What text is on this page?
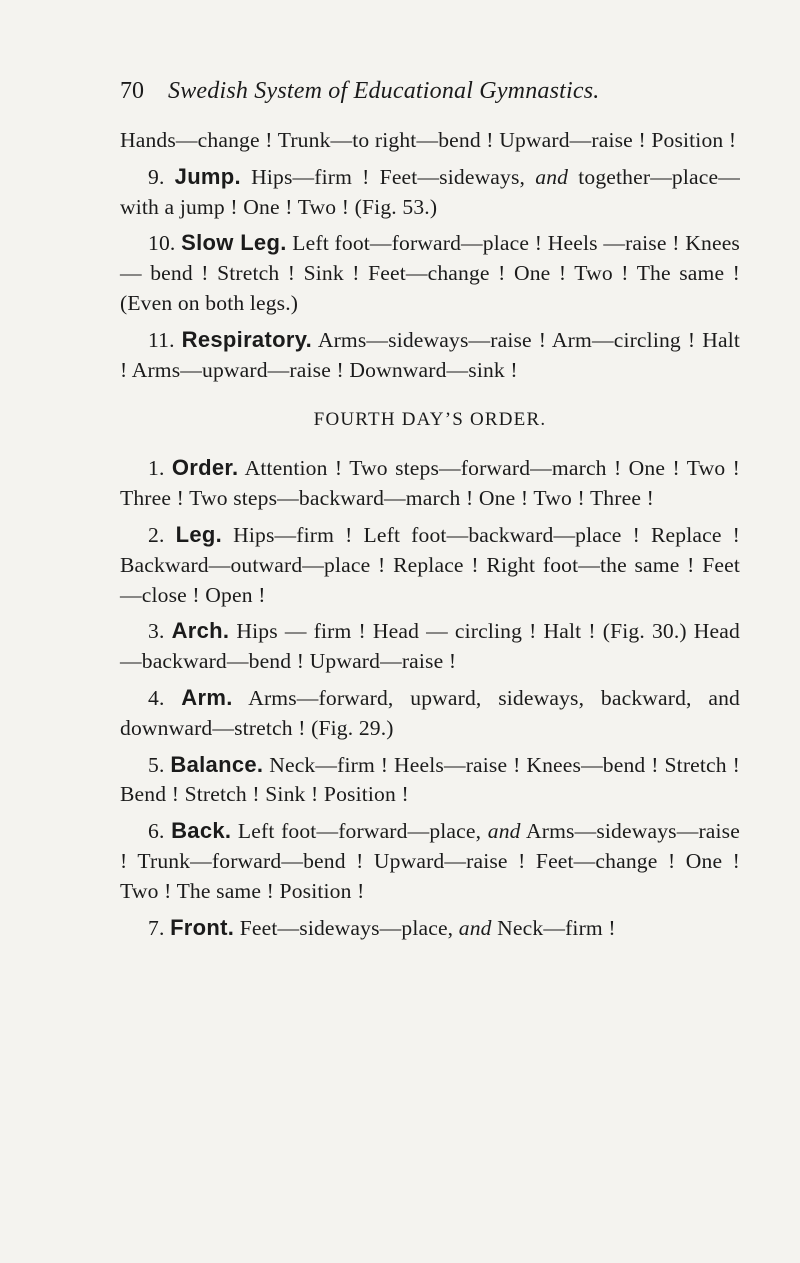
70	Swedish System of Educational Gymnastics.

Hands—change ! Trunk—to right—bend ! Upward—raise ! Position !

9. Jump. Hips—firm ! Feet—sideways, and together—place—with a jump ! One ! Two ! (Fig. 53.)

10. Slow Leg. Left foot—forward—place ! Heels —raise ! Knees — bend ! Stretch ! Sink ! Feet—change ! One ! Two ! The same ! (Even on both legs.)

11. Respiratory. Arms—sideways—raise ! Arm—circling ! Halt ! Arms—upward—raise ! Downward—sink !

FOURTH DAY’S ORDER.

1. Order. Attention ! Two steps—forward—march ! One ! Two ! Three ! Two steps—backward—march ! One ! Two ! Three !

2. Leg. Hips—firm ! Left foot—backward—place ! Replace ! Backward—outward—place ! Replace ! Right foot—the same ! Feet—close ! Open !

3. Arch. Hips — firm ! Head — circling ! Halt ! (Fig. 30.) Head—backward—bend ! Upward—raise !

4. Arm. Arms—forward, upward, sideways, backward, and downward—stretch ! (Fig. 29.)

5. Balance. Neck—firm ! Heels—raise ! Knees—bend ! Stretch ! Bend ! Stretch ! Sink ! Position !

6. Back. Left foot—forward—place, and Arms—sideways—raise ! Trunk—forward—bend ! Upward—raise ! Feet—change ! One ! Two ! The same ! Position !

7. Front. Feet—sideways—place, and Neck—firm !
